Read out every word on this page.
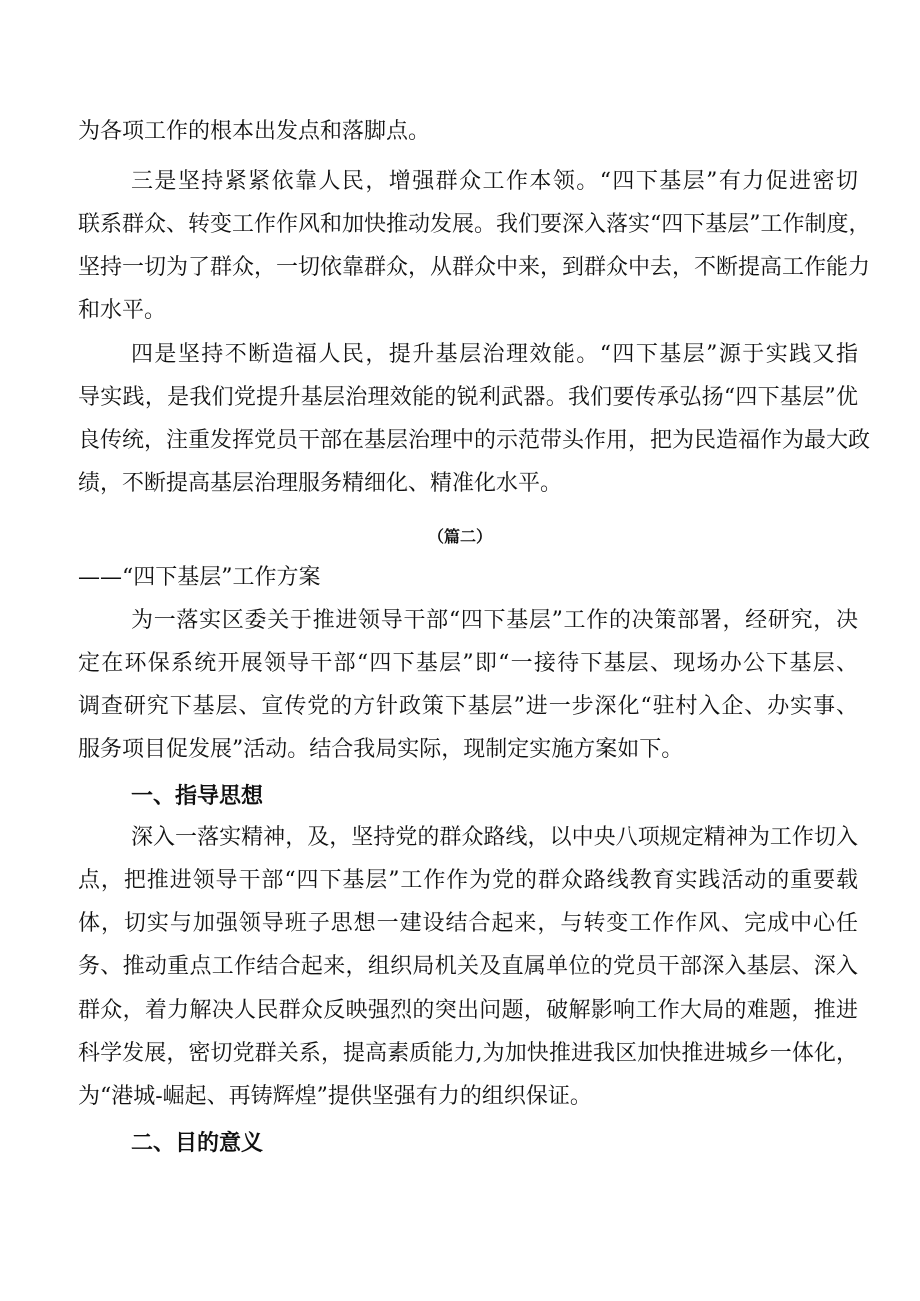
为各项工作的根本出发点和落脚点。
三是坚持紧紧依靠人民，增强群众工作本领。“四下基层”有力促进密切
联系群众、转变工作作风和加快推动发展。我们要深入落实“四下基层”工作制度，
坚持一切为了群众，一切依靠群众，从群众中来，到群众中去，不断提高工作能力
和水平。
四是坚持不断造福人民，提升基层治理效能。“四下基层”源于实践又指
导实践，是我们党提升基层治理效能的锐利武器。我们要传承弘扬“四下基层”优
良传统，注重发挥党员干部在基层治理中的示范带头作用，把为民造福作为最大政
绩，不断提高基层治理服务精细化、精准化水平。
（篇二）
——“四下基层”工作方案
为一落实区委关于推进领导干部“四下基层”工作的决策部署，经研究，决
定在环保系统开展领导干部“四下基层”即“一接待下基层、现场办公下基层、
调查研究下基层、宣传党的方针政策下基层”进一步深化“驻村入企、办实事、
服务项目促发展”活动。结合我局实际，现制定实施方案如下。
一、指导思想
深入一落实精神，及，坚持党的群众路线，以中央八项规定精神为工作切入
点，把推进领导干部“四下基层”工作作为党的群众路线教育实践活动的重要载
体，切实与加强领导班子思想一建设结合起来，与转变工作作风、完成中心任
务、推动重点工作结合起来，组织局机关及直属单位的党员干部深入基层、深入
群众，着力解决人民群众反映强烈的突出问题，破解影响工作大局的难题，推进
科学发展，密切党群关系，提高素质能力,为加快推进我区加快推进城乡一体化，
为“港城-崛起、再铸辉煌”提供坚强有力的组织保证。
二、目的意义
